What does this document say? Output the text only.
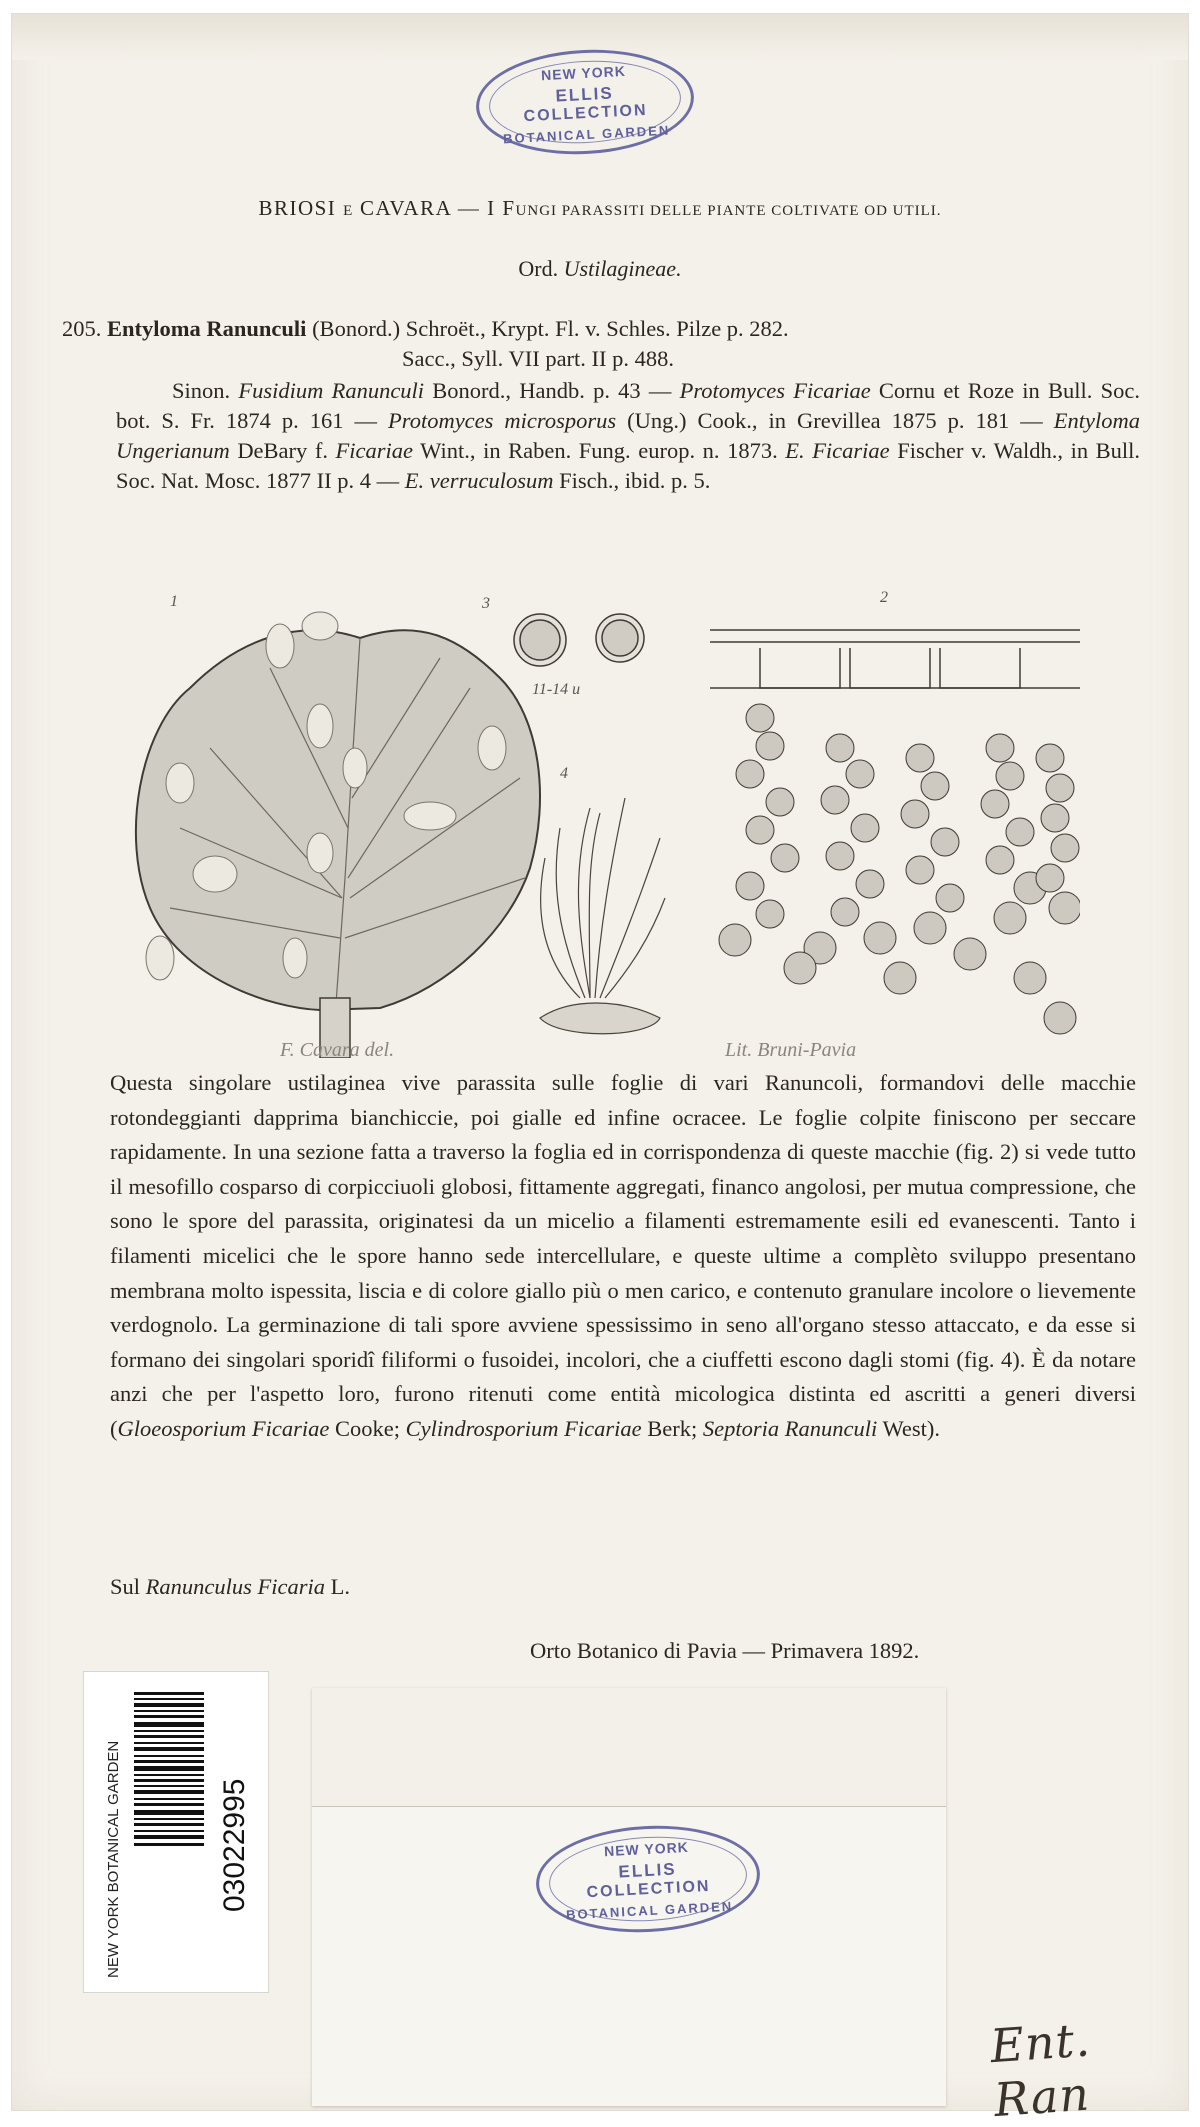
NEW YORK
ELLIS
COLLECTION
BOTANICAL GARDEN
BRIOSI E CAVARA — I FUNGI PARASSITI DELLE PIANTE COLTIVATE OD UTILI.
Ord. Ustilagineae.

205. Entyloma Ranunculi (Bonord.) Schroët., Krypt. Fl. v. Schles. Pilze p. 282.

Sacc., Syll. VII part. II p. 488.

Sinon. Fusidium Ranunculi Bonord., Handb. p. 43 — Protomyces Ficariae Cornu et Roze in Bull. Soc. bot. S. Fr. 1874 p. 161 — Protomyces microsporus (Ung.) Cook., in Grevillea 1875 p. 181 — Entyloma Ungerianum DeBary f. Ficariae Wint., in Raben. Fung. europ. n. 1873. E. Ficariae Fischer v. Waldh., in Bull. Soc. Nat. Mosc. 1877 II p. 4 — E. verruculosum Fisch., ibid. p. 5.

1	3	2
4
11-14 u
F. Cavara del.	Lit. Bruni-Pavia

Questa singolare ustilaginea vive parassita sulle foglie di vari Ranuncoli, formandovi delle macchie rotondeggianti dapprima bianchiccie, poi gialle ed infine ocracee. Le foglie colpite finiscono per seccare rapidamente. In una sezione fatta a traverso la foglia ed in corrispondenza di queste macchie (fig. 2) si vede tutto il mesofillo cosparso di corpicciuoli globosi, fittamente aggregati, financo angolosi, per mutua compressione, che sono le spore del parassita, originatesi da un micelio a filamenti estremamente esili ed evanescenti. Tanto i filamenti micelici che le spore hanno sede intercellulare, e queste ultime a complèto sviluppo presentano membrana molto ispessita, liscia e di colore giallo più o men carico, e contenuto granulare incolore o lievemente verdognolo. La germinazione di tali spore avviene spessissimo in seno all'organo stesso attaccato, e da esse si formano dei singolari sporidî filiformi o fusoidei, incolori, che a ciuffetti escono dagli stomi (fig. 4). È da notare anzi che per l'aspetto loro, furono ritenuti come entità micologica distinta ed ascritti a generi diversi (Gloeosporium Ficariae Cooke; Cylindrosporium Ficariae Berk; Septoria Ranunculi West).

Sul Ranunculus Ficaria L.
Orto Botanico di Pavia — Primavera 1892.
NEW YORK BOTANICAL GARDEN	03022995	NEW YORK
ELLIS
COLLECTION
BOTANICAL GARDEN
Ent. Ran
